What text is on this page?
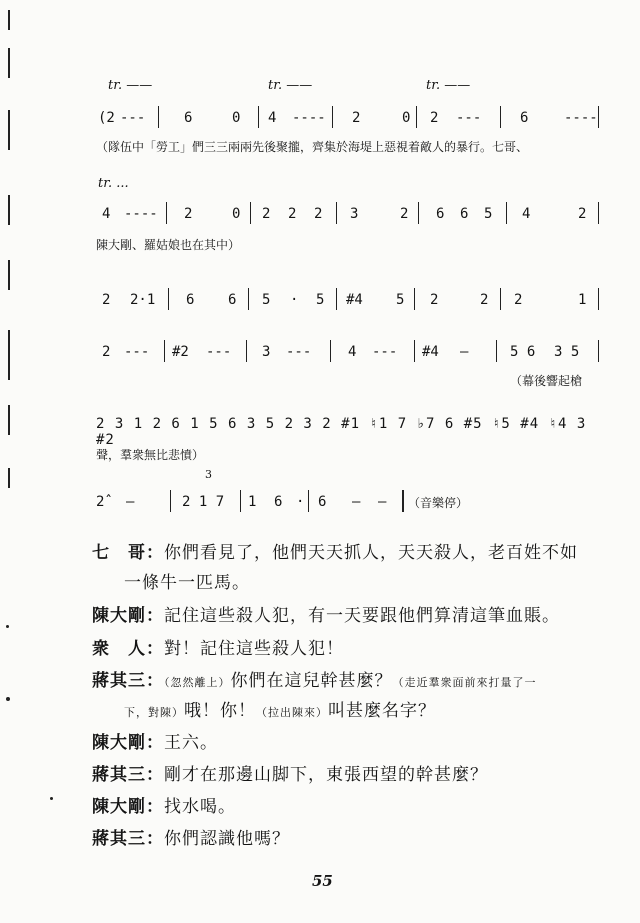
tr. ——	tr. ——	tr. ——
(2 ---	6	0 4 ---- 2	0 2 ---	6	----
（隊伍中「勞工」們三三兩兩先後聚攏，齊集於海堤上惡視着敵人的暴行。七哥、
tr. ...
4 ---- 2	0 2 2 2 3	2 6 6 5 4	2
陳大剛、羅姑娘也在其中）
2 2·1 6 6 5 · 5 #4 5 2	2 2	1
2 --- #2 --- 3 ---	4 --- #4 —	5 6 3 5
（幕後響起槍
2 3 1 2 6 1 5 6 3 5 2 3 2 #1 ♮1 7 ♭7 6 #5 ♮5 #4 ♮4 3 #2
聲，羣衆無比悲憤）
3
2̂ —	2 1 7 1 6 · 6 — — （音樂停）
七　哥：你們看見了，他們天天抓人，天天殺人，老百姓不如
一條牛一匹馬。
陳大剛：記住這些殺人犯，有一天要跟他們算清這筆血賬。
衆　人：對！記住這些殺人犯！
蔣其三：（忽然離上）你們在這兒幹甚麼？（走近羣衆面前來打量了一
下，對陳）哦！你！（拉出陳來）叫甚麼名字？
陳大剛：王六。
蔣其三：剛才在那邊山脚下，東張西望的幹甚麼？
陳大剛：找水喝。
蔣其三：你們認識他嗎？
55
